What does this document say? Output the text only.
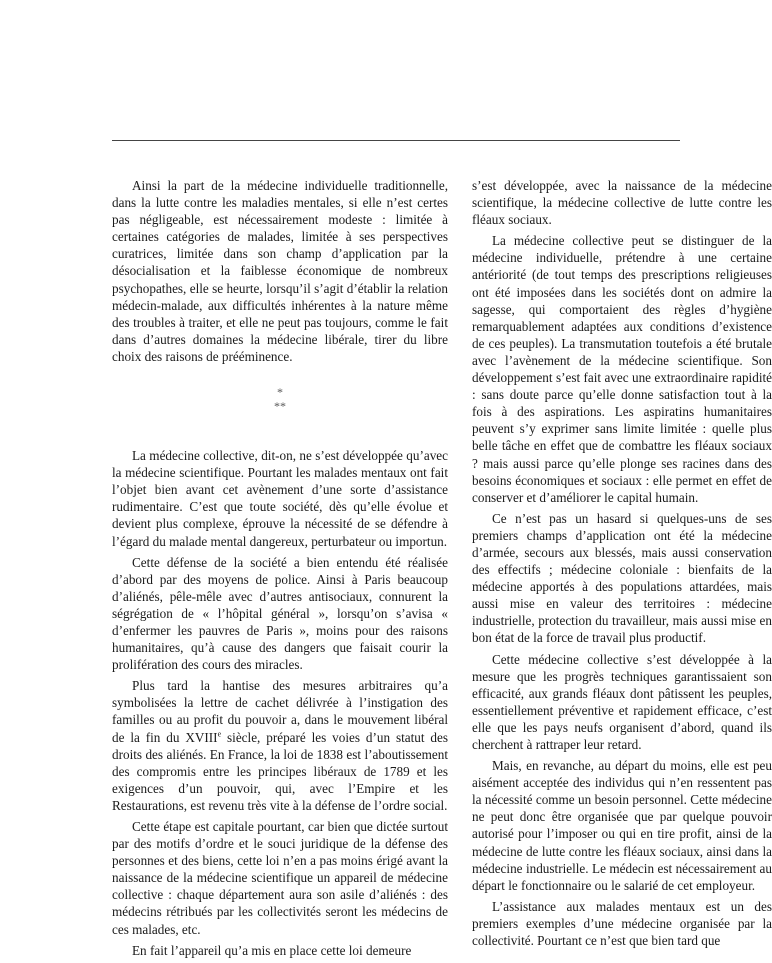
Ainsi la part de la médecine individuelle traditionnelle, dans la lutte contre les maladies mentales, si elle n’est certes pas négligeable, est nécessairement modeste : limitée à certaines catégories de malades, limitée à ses perspectives curatrices, limitée dans son champ d’application par la désocialisation et la faiblesse économique de nombreux psychopathes, elle se heurte, lorsqu’il s’agit d’établir la relation médecin-malade, aux difficultés inhérentes à la nature même des troubles à traiter, et elle ne peut pas toujours, comme le fait dans d’autres domaines la médecine libérale, tirer du libre choix des raisons de prééminence.

*
**

La médecine collective, dit-on, ne s’est développée qu’avec la médecine scientifique. Pourtant les malades mentaux ont fait l’objet bien avant cet avènement d’une sorte d’assistance rudimentaire. C’est que toute société, dès qu’elle évolue et devient plus complexe, éprouve la nécessité de se défendre à l’égard du malade mental dangereux, perturbateur ou importun.

Cette défense de la société a bien entendu été réalisée d’abord par des moyens de police. Ainsi à Paris beaucoup d’aliénés, pêle-mêle avec d’autres antisociaux, connurent la ségrégation de « l’hôpital général », lorsqu’on s’avisa « d’enfermer les pauvres de Paris », moins pour des raisons humanitaires, qu’à cause des dangers que faisait courir la prolifération des cours des miracles.

Plus tard la hantise des mesures arbitraires qu’a symbolisées la lettre de cachet délivrée à l’instigation des familles ou au profit du pouvoir a, dans le mouvement libéral de la fin du XVIIIe siècle, préparé les voies d’un statut des droits des aliénés. En France, la loi de 1838 est l’aboutissement des compromis entre les principes libéraux de 1789 et les exigences d’un pouvoir, qui, avec l’Empire et les Restaurations, est revenu très vite à la défense de l’ordre social.

Cette étape est capitale pourtant, car bien que dictée surtout par des motifs d’ordre et le souci juridique de la défense des personnes et des biens, cette loi n’en a pas moins érigé avant la naissance de la médecine scientifique un appareil de médecine collective : chaque département aura son asile d’aliénés : des médecins rétribués par les collectivités seront les médecins de ces malades, etc.

En fait l’appareil qu’a mis en place cette loi demeure

s’est développée, avec la naissance de la médecine scientifique, la médecine collective de lutte contre les fléaux sociaux.

La médecine collective peut se distinguer de la médecine individuelle, prétendre à une certaine antériorité (de tout temps des prescriptions religieuses ont été imposées dans les sociétés dont on admire la sagesse, qui comportaient des règles d’hygiène remarquablement adaptées aux conditions d’existence de ces peuples). La transmutation toutefois a été brutale avec l’avènement de la médecine scientifique. Son développement s’est fait avec une extraordinaire rapidité : sans doute parce qu’elle donne satisfaction tout à la fois à des aspirations. Les aspiratins humanitaires peuvent s’y exprimer sans limite limitée : quelle plus belle tâche en effet que de combattre les fléaux sociaux ? mais aussi parce qu’elle plonge ses racines dans des besoins économiques et sociaux : elle permet en effet de conserver et d’améliorer le capital humain.

Ce n’est pas un hasard si quelques-uns de ses premiers champs d’application ont été la médecine d’armée, secours aux blessés, mais aussi conservation des effectifs ; médecine coloniale : bienfaits de la médecine apportés à des populations attardées, mais aussi mise en valeur des territoires : médecine industrielle, protection du travailleur, mais aussi mise en bon état de la force de travail plus productif.

Cette médecine collective s’est développée à la mesure que les progrès techniques garantissaient son efficacité, aux grands fléaux dont pâtissent les peuples, essentiellement préventive et rapidement efficace, c’est elle que les pays neufs organisent d’abord, quand ils cherchent à rattraper leur retard.

Mais, en revanche, au départ du moins, elle est peu aisément acceptée des individus qui n’en ressentent pas la nécessité comme un besoin personnel. Cette médecine ne peut donc être organisée que par quelque pouvoir autorisé pour l’imposer ou qui en tire profit, ainsi de la médecine de lutte contre les fléaux sociaux, ainsi dans la médecine industrielle. Le médecin est nécessairement au départ le fonctionnaire ou le salarié de cet employeur.

L’assistance aux malades mentaux est un des premiers exemples d’une médecine organisée par la collectivité. Pourtant ce n’est que bien tard que
